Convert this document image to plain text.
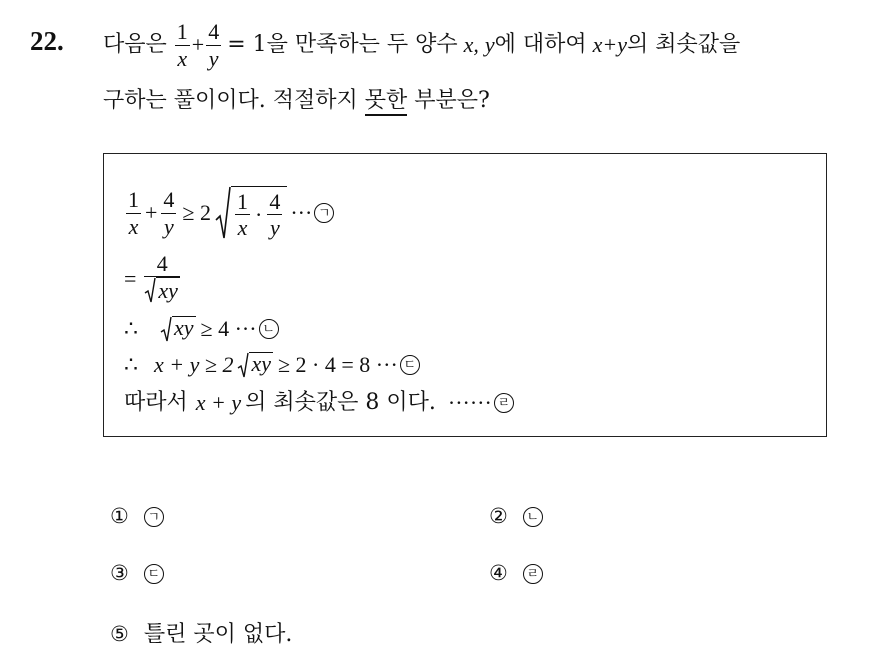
22. 다음은 $\frac{1}{x} + \frac{4}{y} = 1$을 만족하는 두 양수 x, y 에 대하여 x+y 의 최솟값을
구하는 풀이이다. 적절하지 못한 부분은?
$\frac{1}{x} + \frac{4}{y} \ge 2 \frac{1}{x} \cdot \frac{4}{y}$ ··· ㄱ
= $\frac{4}{xy}$
∴ xy ≥ 4 ··· ㄴ
∴ x + y ≥ 2 xy ≥ 2 · 4 = 8 ··· ㄷ
따라서 x + y 의 최솟값은 8 이다. ······ ㄹ
① ㄱ	② ㄴ
③ ㄷ	④ ㄹ
⑤ 틀린 곳이 없다.
